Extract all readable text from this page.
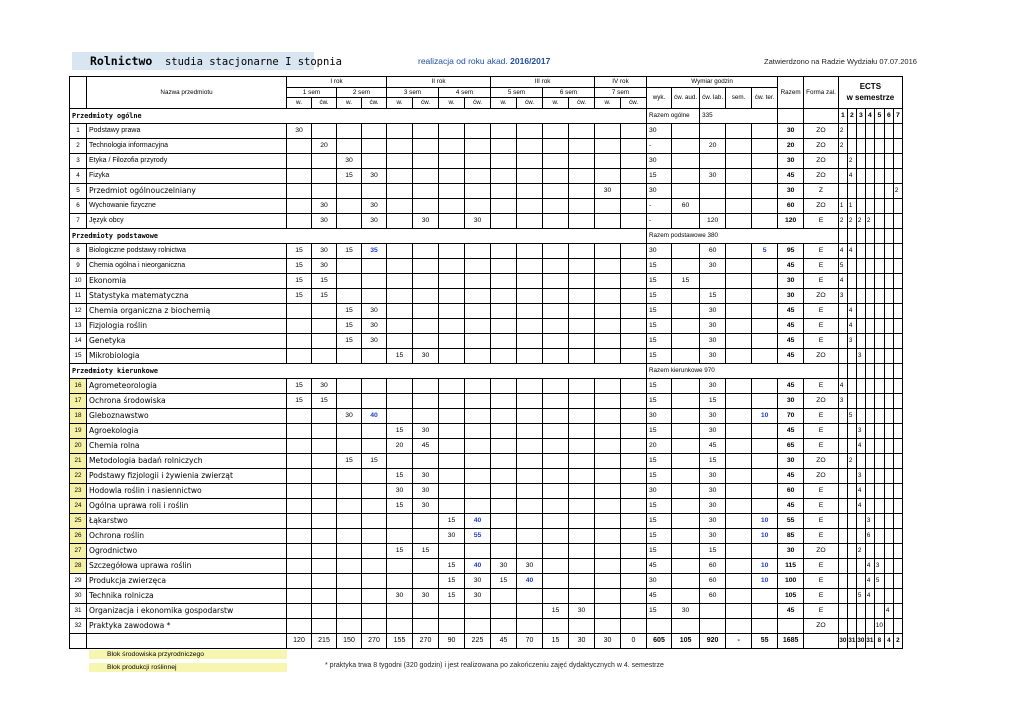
Rolnictwo studia stacjonarne I stopnia	realizacja od roku akad. 2016/2017	Zatwierdzono na Radzie Wydziału 07.07.2016
	Nazwa przedmiotu	I rok				II rok				III rok				IV rok		Wymiar godzin					Razem	Forma zal.	ECTS
w semestrze						

		1 sem		2 sem		3 sem		4 sem		5 sem		6 sem		7 sem		wyk.	ćw. aud.	ćw. lab.	sem.	ćw. ter.									
		w.	ćw.	w.	ćw.	w.	ćw.	w.	ćw.	w.	ćw.	w.	ćw.	w.	ćw.														
Przedmioty ogólne																Razem ogólne		335					1	2	3	4	5	6	7
1	Podstawy prawa	30														30					30	ZO	2						
2	Technologia informacyjna		20													-		20			20	ZO	2						
3	Etyka / Filozofia przyrody			30												30					30	ZO		2					
4	Fizyka			15	30											15		30			45	ZO		4					
5	Przedmiot ogólnouczelniany													30		30					30	Z							2
6	Wychowanie fizyczne		30		30											-	60				60	ZO	1	1					
7	Język obcy		30		30		30		30							-		120			120	E	2	2	2	2			
Przedmioty podstawowe																Razem podstawowe 380													
8	Biologiczne podstawy rolnictwa	15	30	15	35											30		60		5	95	E	4	4					
9	Chemia ogólna i nieorganiczna	15	30													15		30			45	E	5						
10	Ekonomia	15	15													15	15				30	E	4						
11	Statystyka matematyczna	15	15													15		15			30	ZO	3						
12	Chemia organiczna z biochemią			15	30											15		30			45	E		4					
13	Fizjologia roślin			15	30											15		30			45	E		4					
14	Genetyka			15	30											15		30			45	E		3					
15	Mikrobiologia					15	30									15		30			45	ZO			3				
Przedmioty kierunkowe																Razem kierunkowe 970													
16	Agrometeorologia	15	30													15		30			45	E	4						
17	Ochrona środowiska	15	15													15		15			30	ZO	3						
18	Gleboznawstwo			30	40											30		30		10	70	E		5					
19	Agroekologia					15	30									15		30			45	E			3				
20	Chemia rolna					20	45									20		45			65	E			4				
21	Metodologia badań rolniczych			15	15											15		15			30	ZO		2					
22	Podstawy fizjologii i żywienia zwierząt					15	30									15		30			45	ZO			3				
23	Hodowla roślin i nasiennictwo					30	30									30		30			60	E			4				
24	Ogólna uprawa roli i roślin					15	30									15		30			45	E			4				
25	Łąkarstwo							15	40							15		30		10	55	E				3			
26	Ochrona roślin							30	55							15		30		10	85	E				6			
27	Ogrodnictwo					15	15									15		15			30	ZO			2				
28	Szczegółowa uprawa roślin							15	40	30	30					45		60		10	115	E				4	3		
29	Produkcja zwierzęca							15	30	15	40					30		60		10	100	E				4	5		
30	Technika rolnicza					30	30	15	30							45		60			105	E			5	4			
31	Organizacja i ekonomika gospodarstw											15	30			15	30				45	E						4	
32	Praktyka zawodowa *																					ZO					10		
		120	215	150	270	155	270	90	225	45	70	15	30	30	0	605	105	920	-	55	1685		30	31	30	31	8	4	2
Blok środowiska przyrodniczego
Blok produkcji roślinnej	* praktyka trwa 8 tygodni (320 godzin) i jest realizowana po zakończeniu zajęć dydaktycznych w 4. semestrze
